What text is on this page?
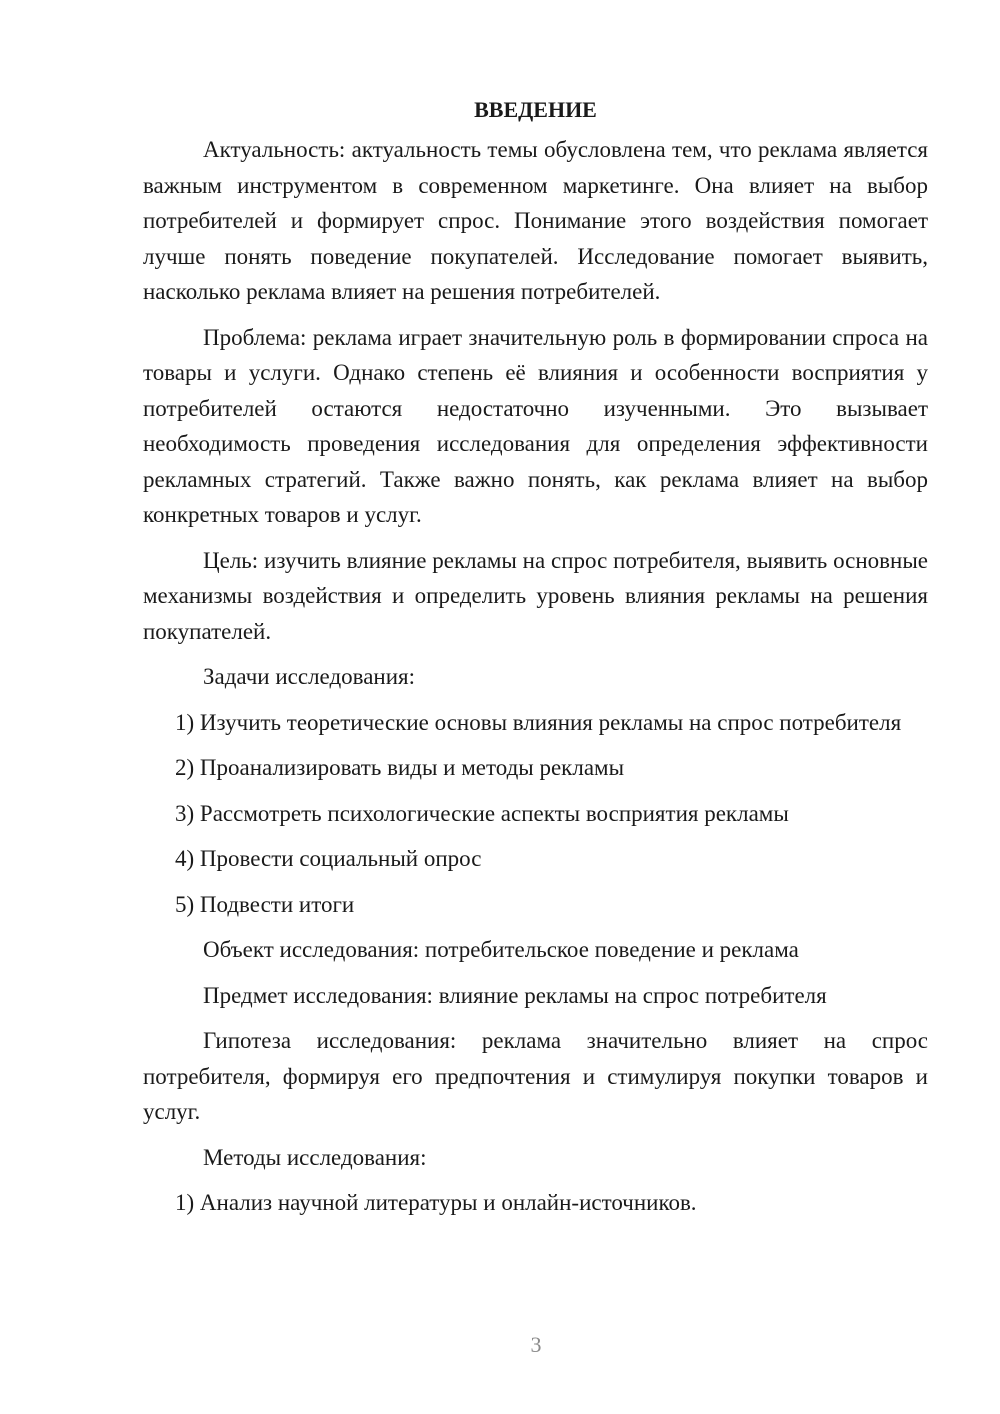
ВВЕДЕНИЕ
Актуальность: актуальность темы обусловлена тем, что реклама является важным инструментом в современном маркетинге. Она влияет на выбор потребителей и формирует спрос. Понимание этого воздействия помогает лучше понять поведение покупателей. Исследование помогает выявить, насколько реклама влияет на решения потребителей.
Проблема: реклама играет значительную роль в формировании спроса на товары и услуги. Однако степень её влияния и особенности восприятия у потребителей остаются недостаточно изученными. Это вызывает необходимость проведения исследования для определения эффективности рекламных стратегий. Также важно понять, как реклама влияет на выбор конкретных товаров и услуг.
Цель: изучить влияние рекламы на спрос потребителя, выявить основные механизмы воздействия и определить уровень влияния рекламы на решения покупателей.
Задачи исследования:
1) Изучить теоретические основы влияния рекламы на спрос потребителя
2) Проанализировать виды и методы рекламы
3) Рассмотреть психологические аспекты восприятия рекламы
4) Провести социальный опрос
5) Подвести итоги
Объект исследования: потребительское поведение и реклама
Предмет исследования: влияние рекламы на спрос потребителя
Гипотеза исследования: реклама значительно влияет на спрос потребителя, формируя его предпочтения и стимулируя покупки товаров и услуг.
Методы исследования:
1) Анализ научной литературы и онлайн-источников.
3
